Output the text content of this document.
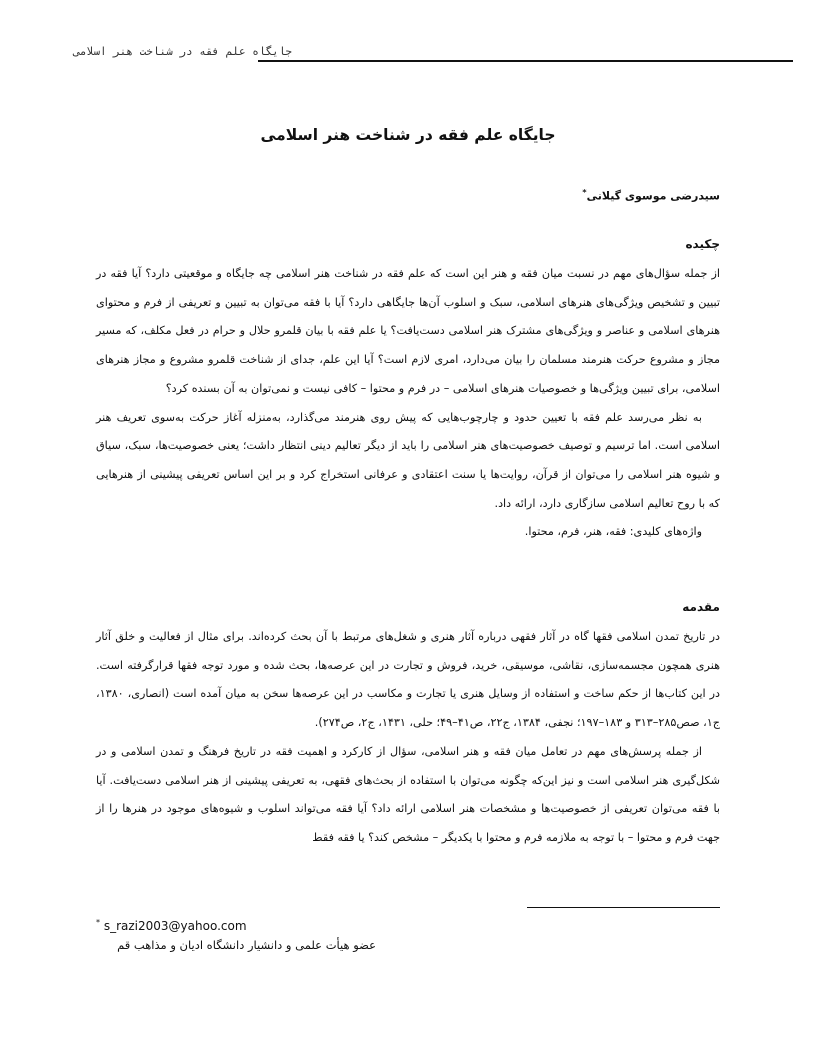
جایگاه علم فقه در شناخت هنر اسلامی
جایگاه علم فقه در شناخت هنر اسلامی
سیدرضی موسوی گیلانی*
چکیده

از جمله سؤال‌های مهم در نسبت میان فقه و هنر این است که علم فقه در شناخت هنر اسلامی چه جایگاه و موقعیتی دارد؟ آیا فقه در تبیین و تشخیص ویژگی‌های هنرهای اسلامی، سبک و اسلوب آن‌ها جایگاهی دارد؟ آیا با فقه می‌توان به تبیین و تعریفی از فرم و محتوای هنرهای اسلامی و عناصر و ویژگی‌های مشترک هنر اسلامی دست‌یافت؟ یا علم فقه با بیان قلمرو حلال و حرام در فعل مکلف، که مسیر مجاز و مشروع حرکت هنرمند مسلمان را بیان می‌دارد، امری لازم است؟ آیا این علم، جدای از شناخت قلمرو مشروع و مجاز هنرهای اسلامی، برای تبیین ویژگی‌ها و خصوصیات هنرهای اسلامی – در فرم و محتوا – کافی نیست و نمی‌توان به آن بسنده کرد؟

به نظر می‌رسد علم فقه با تعیین حدود و چارچوب‌هایی که پیش روی هنرمند می‌گذارد، به‌منزله آغاز حرکت به‌سوی تعریف هنر اسلامی است. اما ترسیم و توصیف خصوصیت‌های هنر اسلامی را باید از دیگر تعالیم دینی انتظار داشت؛ یعنی خصوصیت‌ها، سبک، سیاق و شیوه هنر اسلامی را می‌توان از قرآن، روایت‌ها یا سنت اعتقادی و عرفانی استخراج کرد و بر این اساس تعریفی پیشینی از هنرهایی که با روح تعالیم اسلامی سازگاری دارد، ارائه داد.

واژه‌های کلیدی: فقه، هنر، فرم، محتوا.

مقدمه

در تاریخ تمدن اسلامی فقها گاه در آثار فقهی درباره آثار هنری و شغل‌های مرتبط با آن بحث کرده‌اند. برای مثال از فعالیت و خلق آثار هنری همچون مجسمه‌سازی، نقاشی، موسیقی، خرید، فروش و تجارت در این عرصه‌ها، بحث شده و مورد توجه فقها قرارگرفته است. در این کتاب‌ها از حکم ساخت و استفاده از وسایل هنری یا تجارت و مکاسب در این عرصه‌ها سخن به میان آمده است (انصاری، ۱۳۸۰، ج۱، صص۲۸۵–۳۱۳ و ۱۸۳–۱۹۷؛ نجفی، ۱۳۸۴، ج۲۲، ص۴۱–۴۹؛ حلی، ۱۴۳۱، ج۲، ص۲۷۴).

از جمله پرسش‌های مهم در تعامل میان فقه و هنر اسلامی، سؤال از کارکرد و اهمیت فقه در تاریخ فرهنگ و تمدن اسلامی و در شکل‌گیری هنر اسلامی است و نیز این‌که چگونه می‌توان با استفاده از بحث‌های فقهی، به تعریفی پیشینی از هنر اسلامی دست‌یافت. آیا با فقه می‌توان تعریفی از خصوصیت‌ها و مشخصات هنر اسلامی ارائه داد؟ آیا فقه می‌تواند اسلوب و شیوه‌های موجود در هنرها را از جهت فرم و محتوا – با توجه به ملازمه فرم و محتوا با یکدیگر – مشخص کند؟ یا فقه فقط

* s_razi2003@yahoo.com
عضو هیأت علمی و دانشیار دانشگاه ادیان و مذاهب قم
